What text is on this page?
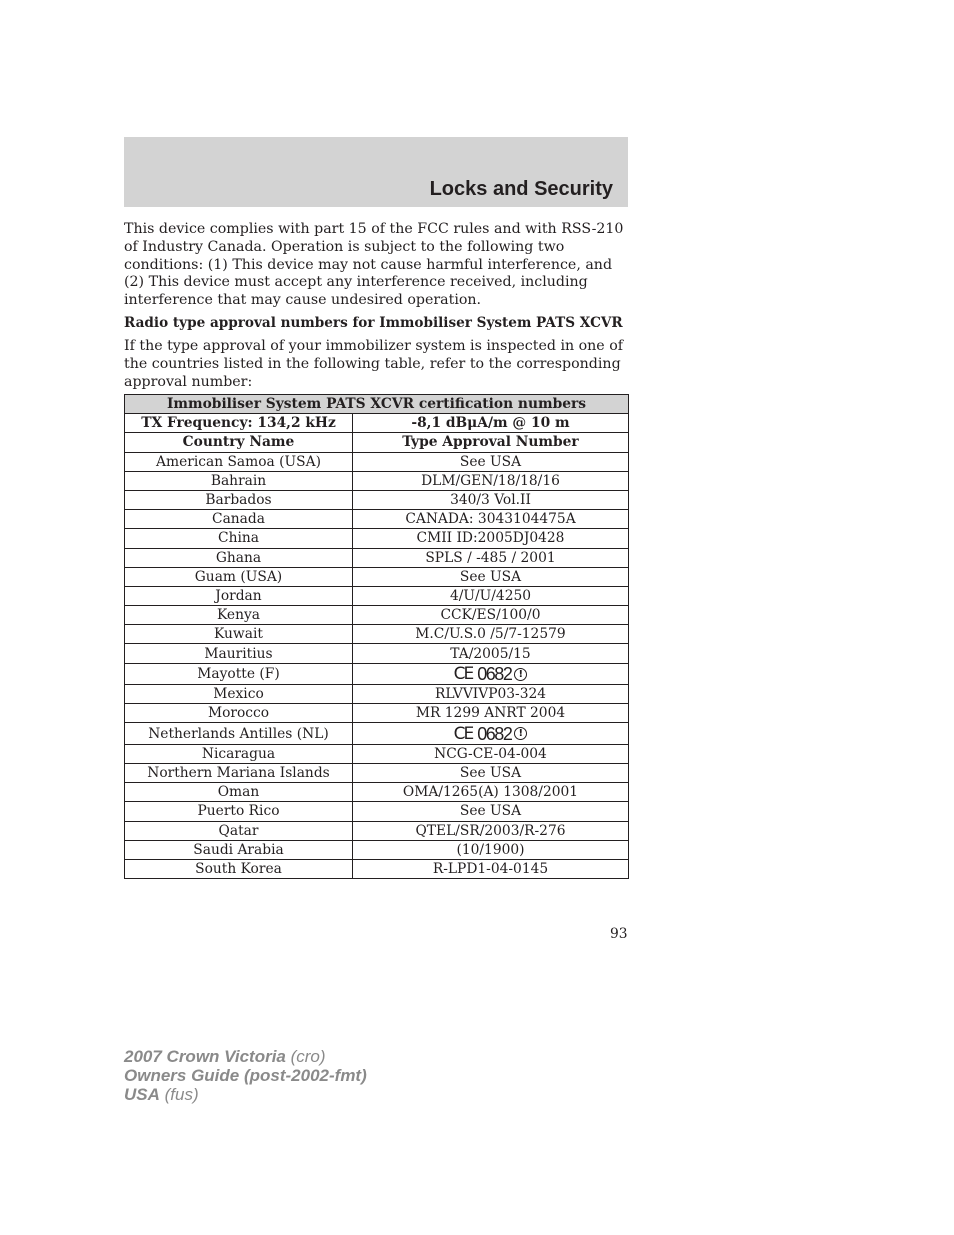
Locks and Security
This device complies with part 15 of the FCC rules and with RSS-210 of Industry Canada. Operation is subject to the following two conditions: (1) This device may not cause harmful interference, and (2) This device must accept any interference received, including interference that may cause undesired operation.
Radio type approval numbers for Immobiliser System PATS XCVR
If the type approval of your immobilizer system is inspected in one of the countries listed in the following table, refer to the corresponding approval number:
Immobiliser System PATS XCVR certification numbers	
TX Frequency: 134,2 kHz	-8,1 dBμA/m @ 10 m
Country Name	Type Approval Number
American Samoa (USA)	See USA
Bahrain	DLM/GEN/18/18/16
Barbados	340/3 Vol.II
Canada	CANADA: 3043104475A
China	CMII ID:2005DJ0428
Ghana	SPLS / -485 / 2001
Guam (USA)	See USA
Jordan	4/U/U/4250
Kenya	CCK/ES/100/0
Kuwait	M.C/U.S.0 /5/7-12579
Mauritius	TA/2005/15
Mayotte (F)	CE 0682 !

Mexico	RLVVIVP03-324
Morocco	MR 1299 ANRT 2004
Netherlands Antilles (NL)	CE 0682 !

Nicaragua	NCG-CE-04-004
Northern Mariana Islands	See USA
Oman	OMA/1265(A) 1308/2001
Puerto Rico	See USA
Qatar	QTEL/SR/2003/R-276
Saudi Arabia	(10/1900)
South Korea	R-LPD1-04-0145
93
2007 Crown Victoria (cro)
Owners Guide (post-2002-fmt)
USA (fus)
